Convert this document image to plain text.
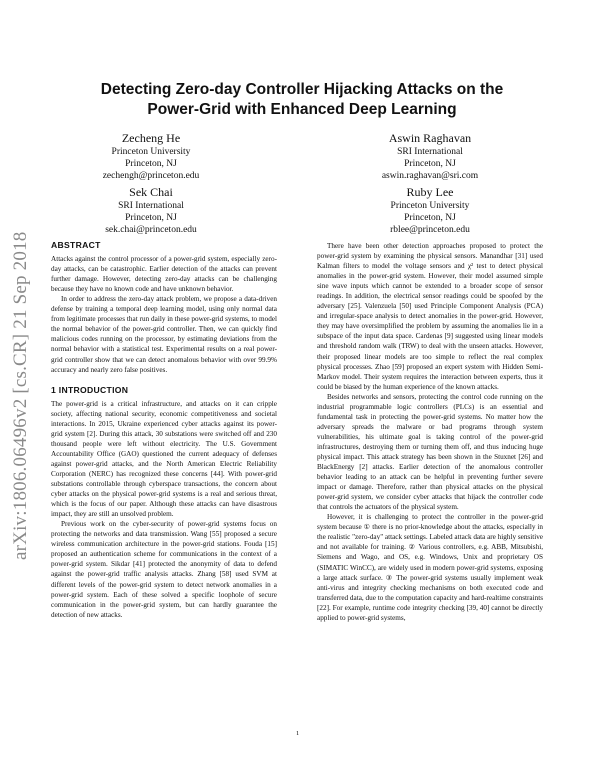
arXiv:1806.06496v2 [cs.CR] 21 Sep 2018
Detecting Zero-day Controller Hijacking Attacks on the
Power-Grid with Enhanced Deep Learning
Zecheng He
Princeton University
Princeton, NJ
zechengh@princeton.edu
Aswin Raghavan
SRI International
Princeton, NJ
aswin.raghavan@sri.com
Sek Chai
SRI International
Princeton, NJ
sek.chai@princeton.edu
Ruby Lee
Princeton University
Princeton, NJ
rblee@princeton.edu
ABSTRACT

Attacks against the control processor of a power-grid system, especially zero-day attacks, can be catastrophic. Earlier detection of the attacks can prevent further damage. However, detecting zero-day attacks can be challenging because they have no known code and have unknown behavior.

In order to address the zero-day attack problem, we propose a data-driven defense by training a temporal deep learning model, using only normal data from legitimate processes that run daily in these power-grid systems, to model the normal behavior of the power-grid controller. Then, we can quickly find malicious codes running on the processor, by estimating deviations from the normal behavior with a statistical test. Experimental results on a real power-grid controller show that we can detect anomalous behavior with over 99.9% accuracy and nearly zero false positives.

1 INTRODUCTION

The power-grid is a critical infrastructure, and attacks on it can cripple society, affecting national security, economic competitiveness and societal interactions. In 2015, Ukraine experienced cyber attacks against its power-grid system [2]. During this attack, 30 substations were switched off and 230 thousand people were left without electricity. The U.S. Government Accountability Office (GAO) questioned the current adequacy of defenses against power-grid attacks, and the North American Electric Reliability Corporation (NERC) has recognized these concerns [44]. With power-grid substations controllable through cyberspace transactions, the concern about cyber attacks on the physical power-grid systems is a real and serious threat, which is the focus of our paper. Although these attacks can have disastrous impact, they are still an unsolved problem.

Previous work on the cyber-security of power-grid systems focus on protecting the networks and data transmission. Wang [55] proposed a secure wireless communication architecture in the power-grid stations. Fouda [15] proposed an authentication scheme for communications in the context of a power-grid system. Sikdar [41] protected the anonymity of data to defend against the power-grid traffic analysis attacks. Zhang [58] used SVM at different levels of the power-grid system to detect network anomalies in a power-grid system. Each of these solved a specific loophole of secure communication in the power-grid system, but can hardly guarantee the detection of new attacks.

There have been other detection approaches proposed to protect the power-grid system by examining the physical sensors. Manandhar [31] used Kalman filters to model the voltage sensors and χ² test to detect physical anomalies in the power-grid system. However, their model assumed simple sine wave inputs which cannot be extended to a broader scope of sensor readings. In addition, the electrical sensor readings could be spoofed by the adversary [25]. Valenzuela [50] used Principle Component Analysis (PCA) and irregular-space analysis to detect anomalies in the power-grid. However, they may have oversimplified the problem by assuming the anomalies lie in a subspace of the input data space. Cardenas [9] suggested using linear models and threshold random walk (TRW) to deal with the unseen attacks. However, their proposed linear models are too simple to reflect the real complex physical processes. Zhao [59] proposed an expert system with Hidden Semi-Markov model. Their system requires the interaction between experts, thus it could be biased by the human experience of the known attacks.

Besides networks and sensors, protecting the control code running on the industrial programmable logic controllers (PLCs) is an essential and fundamental task in protecting the power-grid systems. No matter how the adversary spreads the malware or bad programs through system vulnerabilities, his ultimate goal is taking control of the power-grid infrastructures, destroying them or turning them off, and thus inducing huge physical impact. This attack strategy has been shown in the Stuxnet [26] and BlackEnergy [2] attacks. Earlier detection of the anomalous controller behavior leading to an attack can be helpful in preventing further severe impact or damage. Therefore, rather than physical attacks on the physical power-grid system, we consider cyber attacks that hijack the controller code that controls the actuators of the physical system.

However, it is challenging to protect the controller in the power-grid system because ① there is no prior-knowledge about the attacks, especially in the realistic "zero-day" attack settings. Labeled attack data are highly sensitive and not available for training. ② Various controllers, e.g. ABB, Mitsubishi, Siemens and Wago, and OS, e.g. Windows, Unix and proprietary OS (SIMATIC WinCC), are widely used in modern power-grid systems, exposing a large attack surface. ③ The power-grid systems usually implement weak anti-virus and integrity checking mechanisms on both executed code and transferred data, due to the computation capacity and hard-realtime constraints [22]. For example, runtime code integrity checking [39, 40] cannot be directly applied to power-grid systems,

1
